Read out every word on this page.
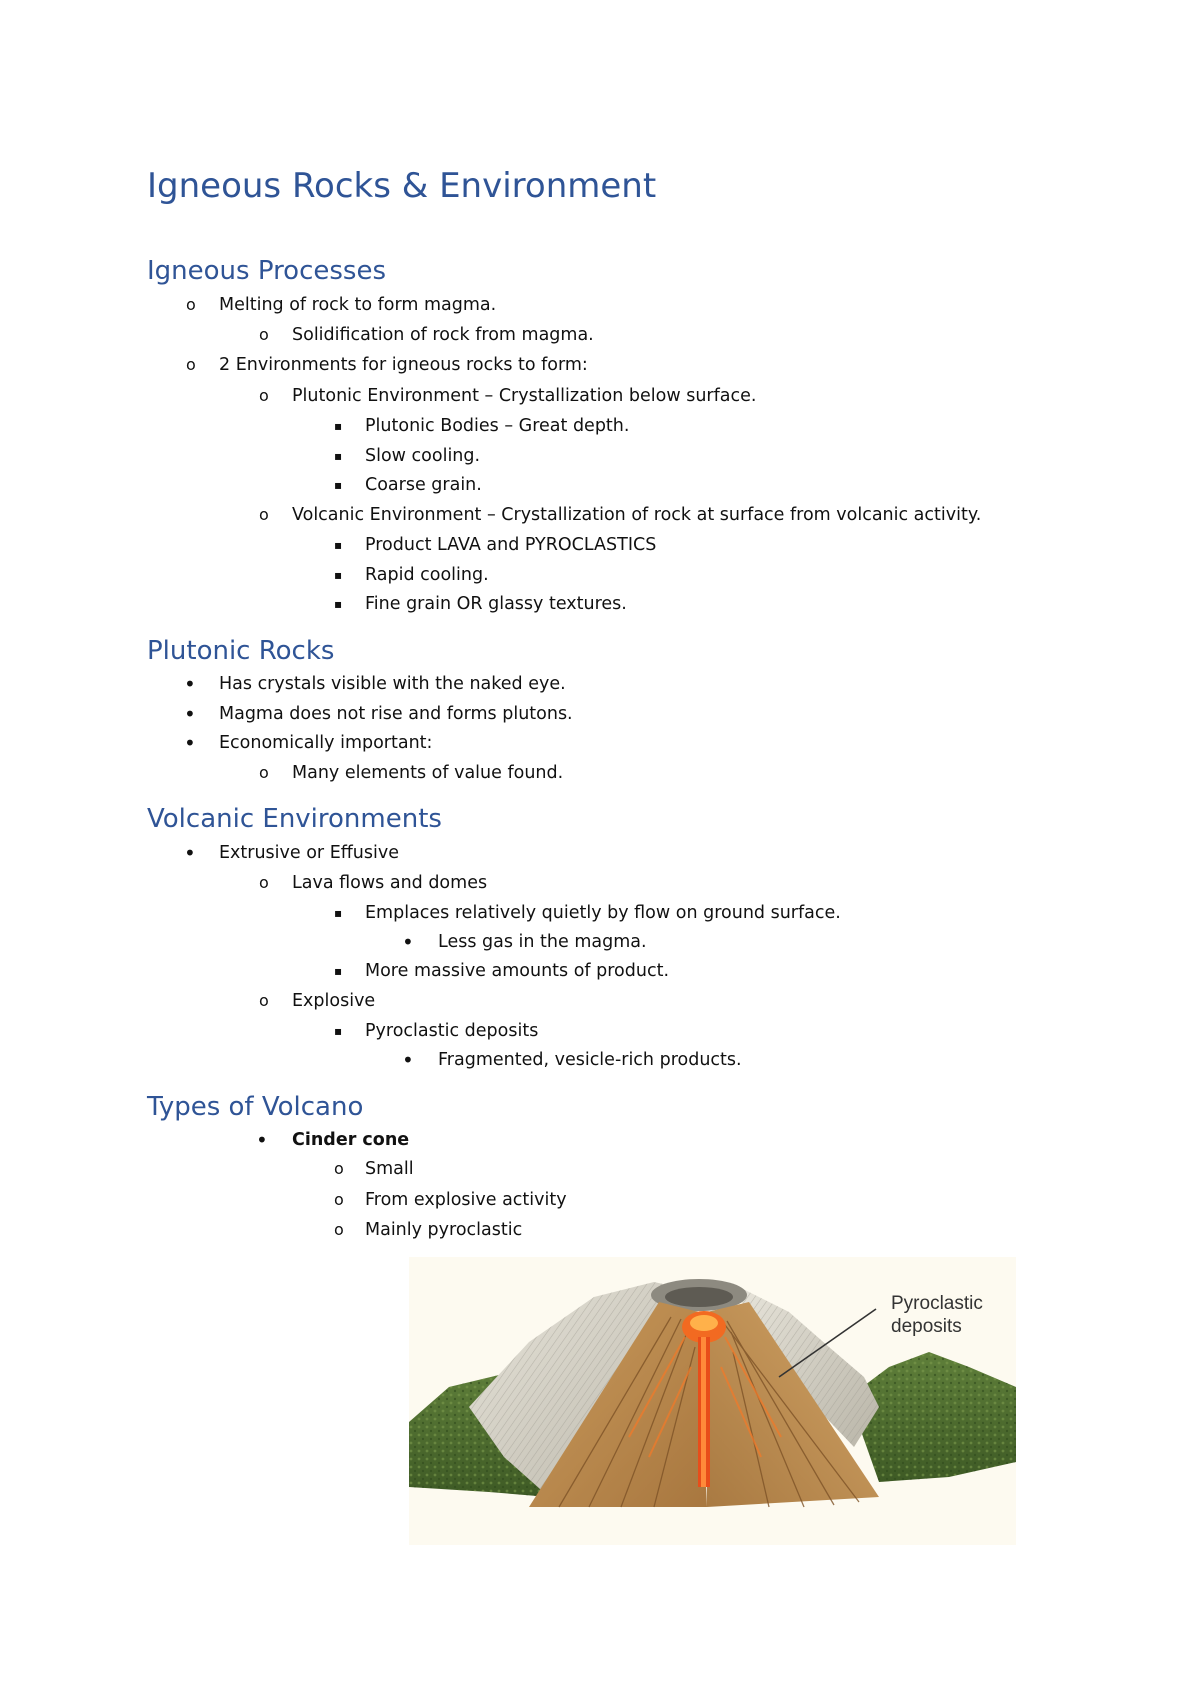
Igneous Rocks & Environment
Igneous Processes
o Melting of rock to form magma.
o Solidification of rock from magma.
o 2 Environments for igneous rocks to form:
o Plutonic Environment – Crystallization below surface.
▪ Plutonic Bodies – Great depth.
▪ Slow cooling.
▪ Coarse grain.
o Volcanic Environment – Crystallization of rock at surface from volcanic activity.
▪ Product LAVA and PYROCLASTICS
▪ Rapid cooling.
▪ Fine grain OR glassy textures.
Plutonic Rocks
• Has crystals visible with the naked eye.
• Magma does not rise and forms plutons.
• Economically important:
o Many elements of value found.
Volcanic Environments
• Extrusive or Effusive
o Lava flows and domes
▪ Emplaces relatively quietly by flow on ground surface.
• Less gas in the magma.
▪ More massive amounts of product.
o Explosive
▪ Pyroclastic deposits
• Fragmented, vesicle-rich products.
Types of Volcano
• Cinder cone
o Small
o From explosive activity
o Mainly pyroclastic
Pyroclastic
deposits
